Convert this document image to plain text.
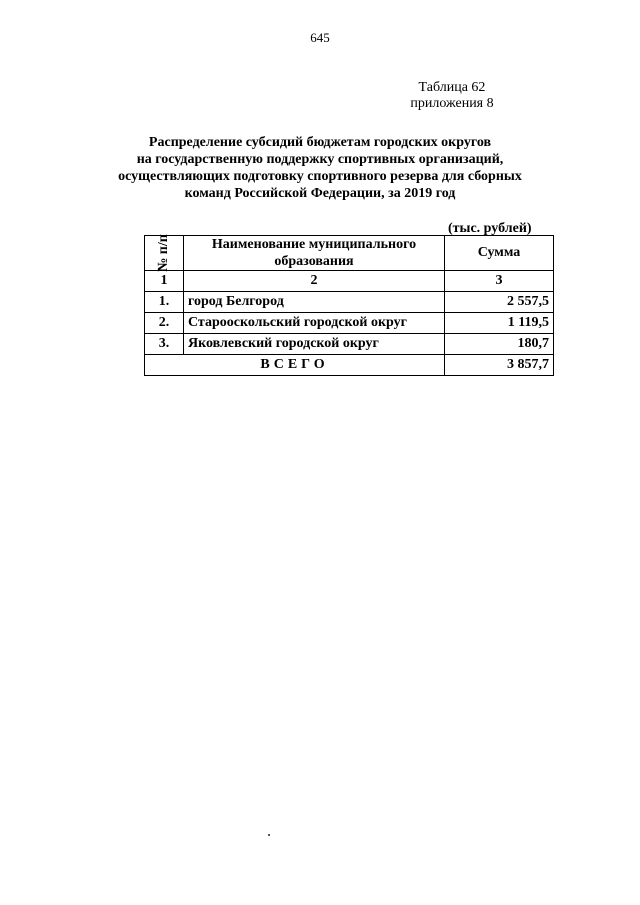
645
Таблица 62
приложения 8
Распределение субсидий бюджетам городских округов
на государственную поддержку спортивных организаций,
осуществляющих подготовку спортивного резерва для сборных
команд Российской Федерации, за 2019 год
(тыс. рублей)
№ п/п	Наименование муниципального образования	Сумма
1	2	3
1.	город Белгород	2 557,5
2.	Старооскольский городской округ	1 119,5
3.	Яковлевский городской округ	180,7
ВСЕГО		3 857,7
